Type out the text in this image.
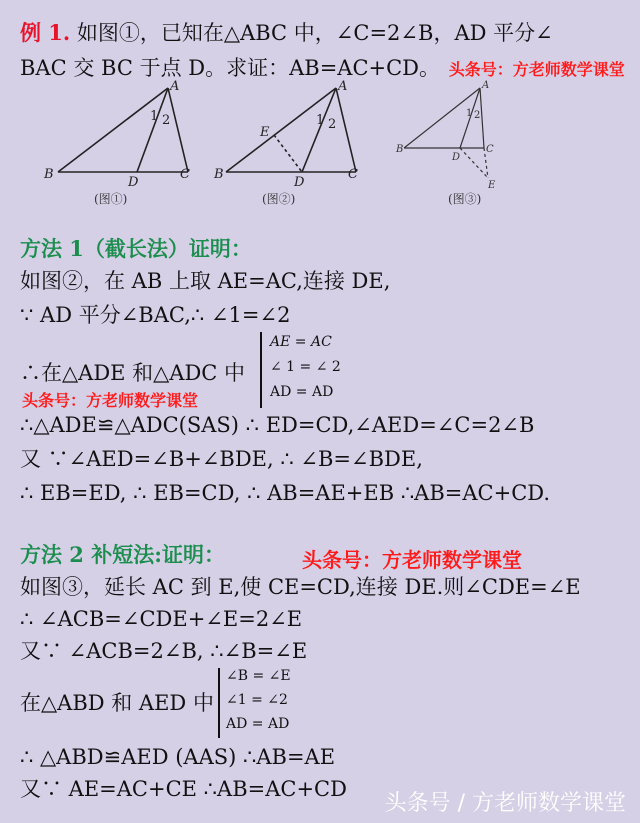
例 1. 如图①，已知在△ABC 中，∠C=2∠B，AD 平分∠
BAC 交 BC 于点 D。求证：AB=AC+CD。 头条号：方老师数学课堂
A
B	C
D
1 2
(图①)
A
B	C
D
E
1 2
(图②)
A
B	C
D
E
1 2
(图③)
方法 1（截长法）证明：
如图②，在 AB 上取 AE=AC,连接 DE,
∵ AD 平分∠BAC,∴ ∠1=∠2
∴在△ADE 和△ADC 中
AE = AC
∠ 1 = ∠ 2
AD = AD
头条号：方老师数学课堂
∴△ADE≌△ADC(SAS) ∴ ED=CD,∠AED=∠C=2∠B
又 ∵∠AED=∠B+∠BDE, ∴ ∠B=∠BDE,
∴ EB=ED, ∴ EB=CD, ∴ AB=AE+EB ∴AB=AC+CD.
方法 2 补短法:证明：	头条号：方老师数学课堂
如图③，延长 AC 到 E,使 CE=CD,连接 DE.则∠CDE=∠E
∴ ∠ACB=∠CDE+∠E=2∠E
又∵ ∠ACB=2∠B, ∴∠B=∠E
在△ABD 和 AED 中
∠B = ∠E
∠1 = ∠2
AD = AD
∴ △ABD≌AED (AAS) ∴AB=AE
又∵ AE=AC+CE ∴AB=AC+CD
头条号 / 方老师数学课堂
